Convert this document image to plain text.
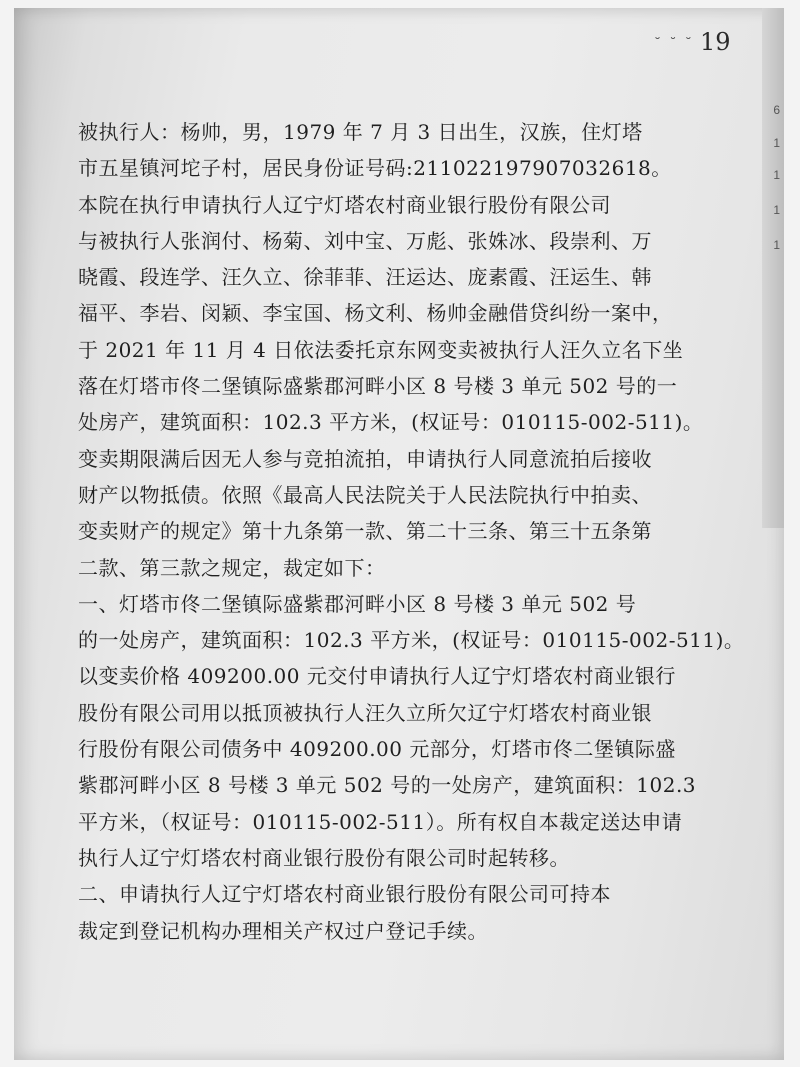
6
1
1
1
1
˘ ˘ ˘ 19
被执行人：杨帅，男，1979 年 7 月 3 日出生，汉族，住灯塔
市五星镇河坨子村，居民身份证号码:211022197907032618。
本院在执行申请执行人辽宁灯塔农村商业银行股份有限公司
与被执行人张润付、杨菊、刘中宝、万彪、张姝冰、段崇利、万
晓霞、段连学、汪久立、徐菲菲、汪运达、庞素霞、汪运生、韩
福平、李岩、闵颖、李宝国、杨文利、杨帅金融借贷纠纷一案中，
于 2021 年 11 月 4 日依法委托京东网变卖被执行人汪久立名下坐
落在灯塔市佟二堡镇际盛紫郡河畔小区 8 号楼 3 单元 502 号的一
处房产，建筑面积：102.3 平方米，(权证号：010115-002-511)。
变卖期限满后因无人参与竞拍流拍，申请执行人同意流拍后接收
财产以物抵债。依照《最高人民法院关于人民法院执行中拍卖、
变卖财产的规定》第十九条第一款、第二十三条、第三十五条第
二款、第三款之规定，裁定如下：
一、灯塔市佟二堡镇际盛紫郡河畔小区 8 号楼 3 单元 502 号
的一处房产，建筑面积：102.3 平方米，(权证号：010115-002-511)。
以变卖价格 409200.00 元交付申请执行人辽宁灯塔农村商业银行
股份有限公司用以抵顶被执行人汪久立所欠辽宁灯塔农村商业银
行股份有限公司债务中 409200.00 元部分，灯塔市佟二堡镇际盛
紫郡河畔小区 8 号楼 3 单元 502 号的一处房产，建筑面积：102.3
平方米，（权证号：010115-002-511）。所有权自本裁定送达申请
执行人辽宁灯塔农村商业银行股份有限公司时起转移。
二、申请执行人辽宁灯塔农村商业银行股份有限公司可持本
裁定到登记机构办理相关产权过户登记手续。
